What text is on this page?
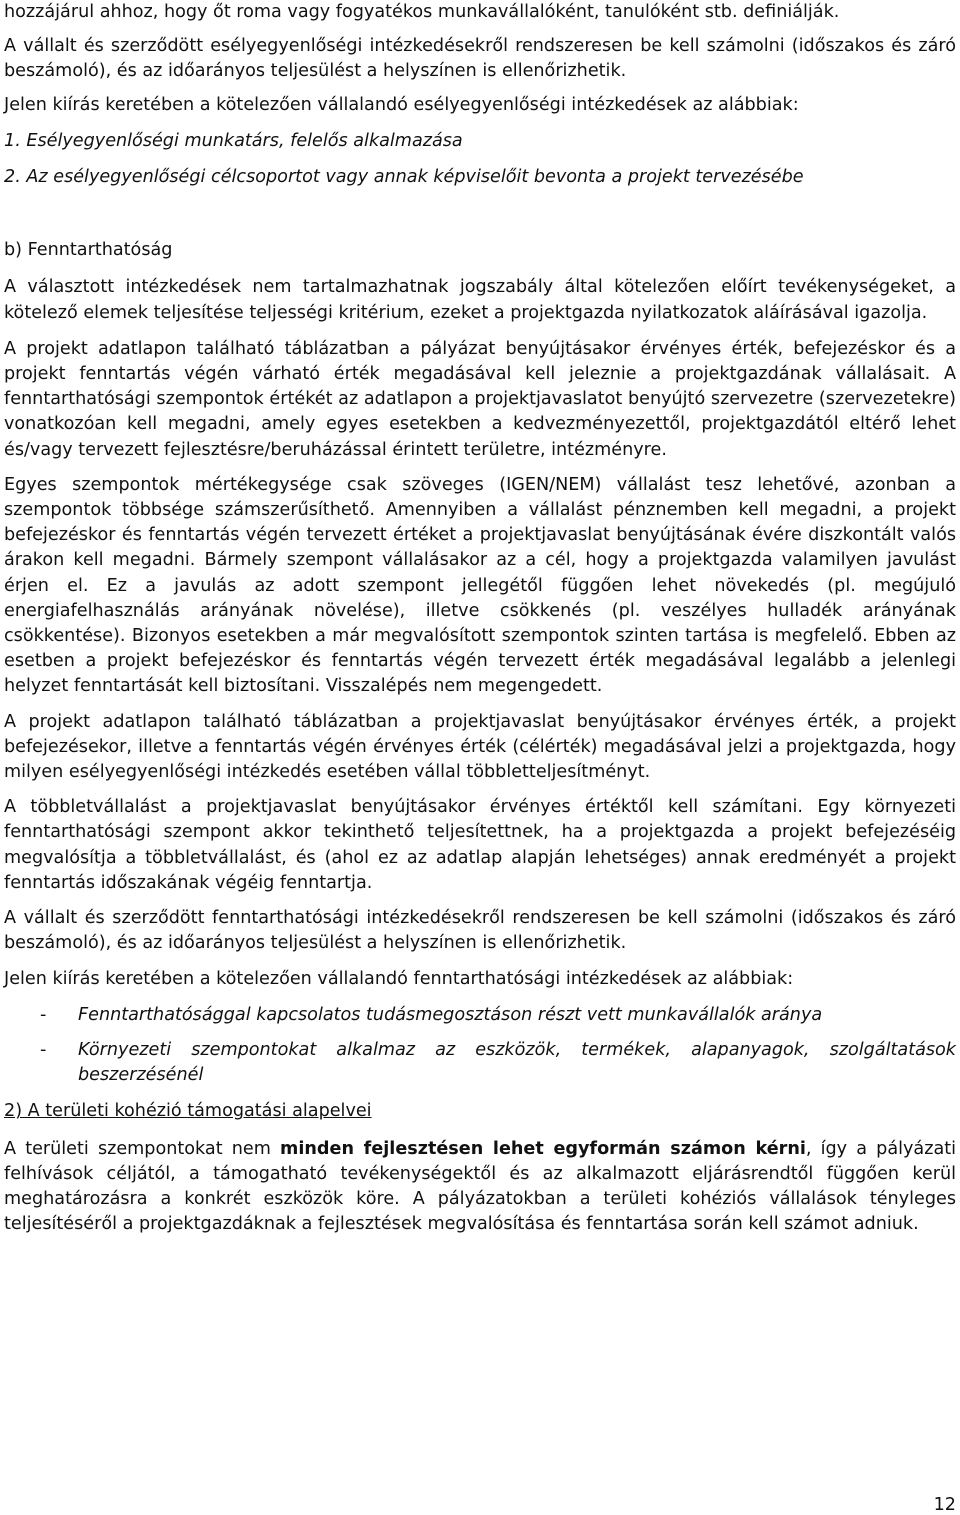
hozzájárul ahhoz, hogy őt roma vagy fogyatékos munkavállalóként, tanulóként stb. definiálják.

A vállalt és szerződött esélyegyenlőségi intézkedésekről rendszeresen be kell számolni (időszakos és záró beszámoló), és az időarányos teljesülést a helyszínen is ellenőrizhetik.

Jelen kiírás keretében a kötelezően vállalandó esélyegyenlőségi intézkedések az alábbiak:

1. Esélyegyenlőségi munkatárs, felelős alkalmazása

2. Az esélyegyenlőségi célcsoportot vagy annak képviselőit bevonta a projekt tervezésébe

b) Fenntarthatóság

A választott intézkedések nem tartalmazhatnak jogszabály által kötelezően előírt tevékenységeket, a kötelező elemek teljesítése teljességi kritérium, ezeket a projektgazda nyilatkozatok aláírásával igazolja.

A projekt adatlapon található táblázatban a pályázat benyújtásakor érvényes érték, befejezéskor és a projekt fenntartás végén várható érték megadásával kell jeleznie a projektgazdának vállalásait. A fenntarthatósági szempontok értékét az adatlapon a projektjavaslatot benyújtó szervezetre (szervezetekre) vonatkozóan kell megadni, amely egyes esetekben a kedvezményezettől, projektgazdától eltérő lehet és/vagy tervezett fejlesztésre/beruházással érintett területre, intézményre.

Egyes szempontok mértékegysége csak szöveges (IGEN/NEM) vállalást tesz lehetővé, azonban a szempontok többsége számszerűsíthető. Amennyiben a vállalást pénznemben kell megadni, a projekt befejezéskor és fenntartás végén tervezett értéket a projektjavaslat benyújtásának évére diszkontált valós árakon kell megadni. Bármely szempont vállalásakor az a cél, hogy a projektgazda valamilyen javulást érjen el. Ez a javulás az adott szempont jellegétől függően lehet növekedés (pl. megújuló energiafelhasználás arányának növelése), illetve csökkenés (pl. veszélyes hulladék arányának csökkentése). Bizonyos esetekben a már megvalósított szempontok szinten tartása is megfelelő. Ebben az esetben a projekt befejezéskor és fenntartás végén tervezett érték megadásával legalább a jelenlegi helyzet fenntartását kell biztosítani. Visszalépés nem megengedett.

A projekt adatlapon található táblázatban a projektjavaslat benyújtásakor érvényes érték, a projekt befejezésekor, illetve a fenntartás végén érvényes érték (célérték) megadásával jelzi a projektgazda, hogy milyen esélyegyenlőségi intézkedés esetében vállal többletteljesítményt.

A többletvállalást a projektjavaslat benyújtásakor érvényes értéktől kell számítani. Egy környezeti fenntarthatósági szempont akkor tekinthető teljesítettnek, ha a projektgazda a projekt befejezéséig megvalósítja a többletvállalást, és (ahol ez az adatlap alapján lehetséges) annak eredményét a projekt fenntartás időszakának végéig fenntartja.

A vállalt és szerződött fenntarthatósági intézkedésekről rendszeresen be kell számolni (időszakos és záró beszámoló), és az időarányos teljesülést a helyszínen is ellenőrizhetik.

Jelen kiírás keretében a kötelezően vállalandó fenntarthatósági intézkedések az alábbiak:

-	Fenntarthatósággal kapcsolatos tudásmegosztáson részt vett munkavállalók aránya
-	Környezeti szempontokat alkalmaz az eszközök, termékek, alapanyagok, szolgáltatások beszerzésénél

2) A területi kohézió támogatási alapelvei

A területi szempontokat nem minden fejlesztésen lehet egyformán számon kérni, így a pályázati felhívások céljától, a támogatható tevékenységektől és az alkalmazott eljárásrendtől függően kerül meghatározásra a konkrét eszközök köre. A pályázatokban a területi kohéziós vállalások tényleges teljesítéséről a projektgazdáknak a fejlesztések megvalósítása és fenntartása során kell számot adniuk.

12
